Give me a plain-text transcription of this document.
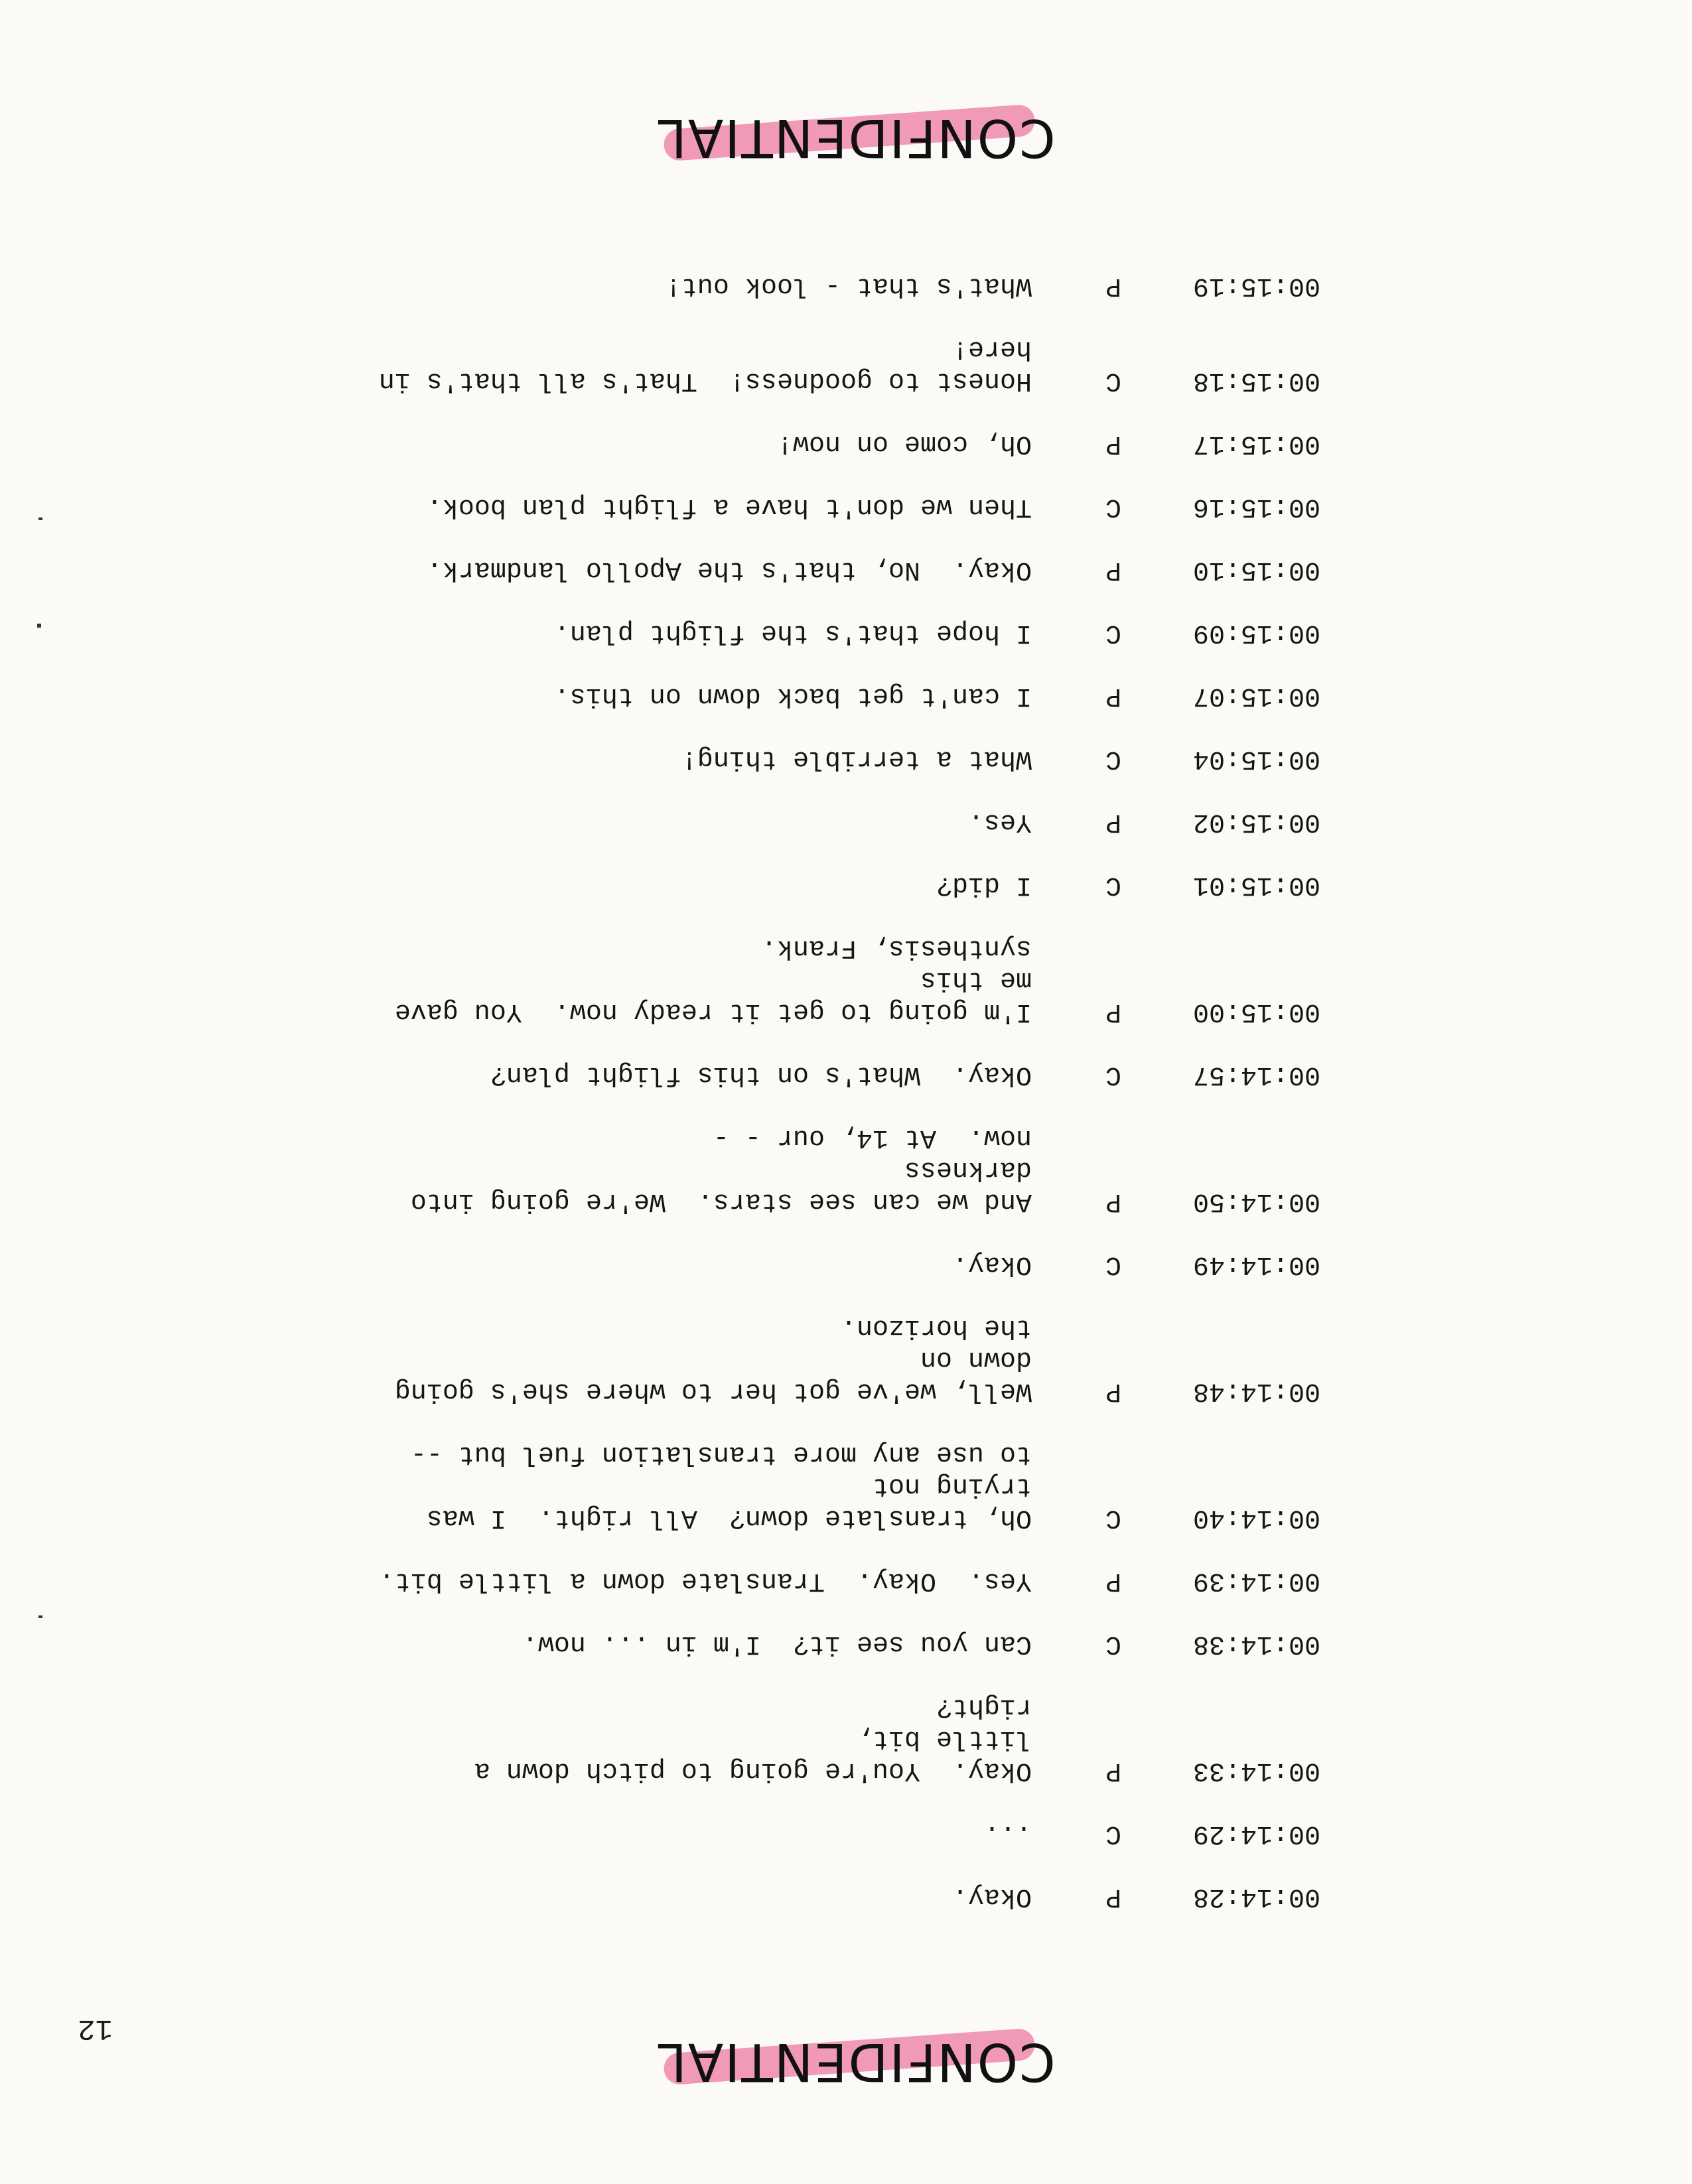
12
CONFIDENTIAL
00:14:28
P
Okay.
00:14:29
C
...
00:14:33
P
Okay.  You're going to pitch down a little bit,
right?
00:14:38
C
Can you see it?  I'm in ... now.
00:14:39
P
Yes.  Okay.  Translate down a little bit.
00:14:40
C
Oh, translate down?  All right.  I was trying not
to use any more translation fuel but --
00:14:48
P
Well, we've got her to where she's going down on
the horizon.
00:14:49
C
Okay.
00:14:50
P
And we can see stars.  We're going into darkness
now.  At 14, our - -
00:14:57
C
Okay.  What's on this flight plan?
00:15:00
P
I'm going to get it ready now.  You gave me this
synthesis, Frank.
00:15:01
C
I did?
00:15:02
P
Yes.
00:15:04
C
What a terrible thing!
00:15:07
P
I can't get back down on this.
00:15:09
C
I hope that's the flight plan.
00:15:10
P
Okay.  No, that's the Apollo landmark.
00:15:16
C
Then we don't have a flight plan book.
00:15:17
P
Oh, come on now!
00:15:18
C
Honest to goodness!  That's all that's in here!
00:15:19
P
What's that - look out!
CONFIDENTIAL
